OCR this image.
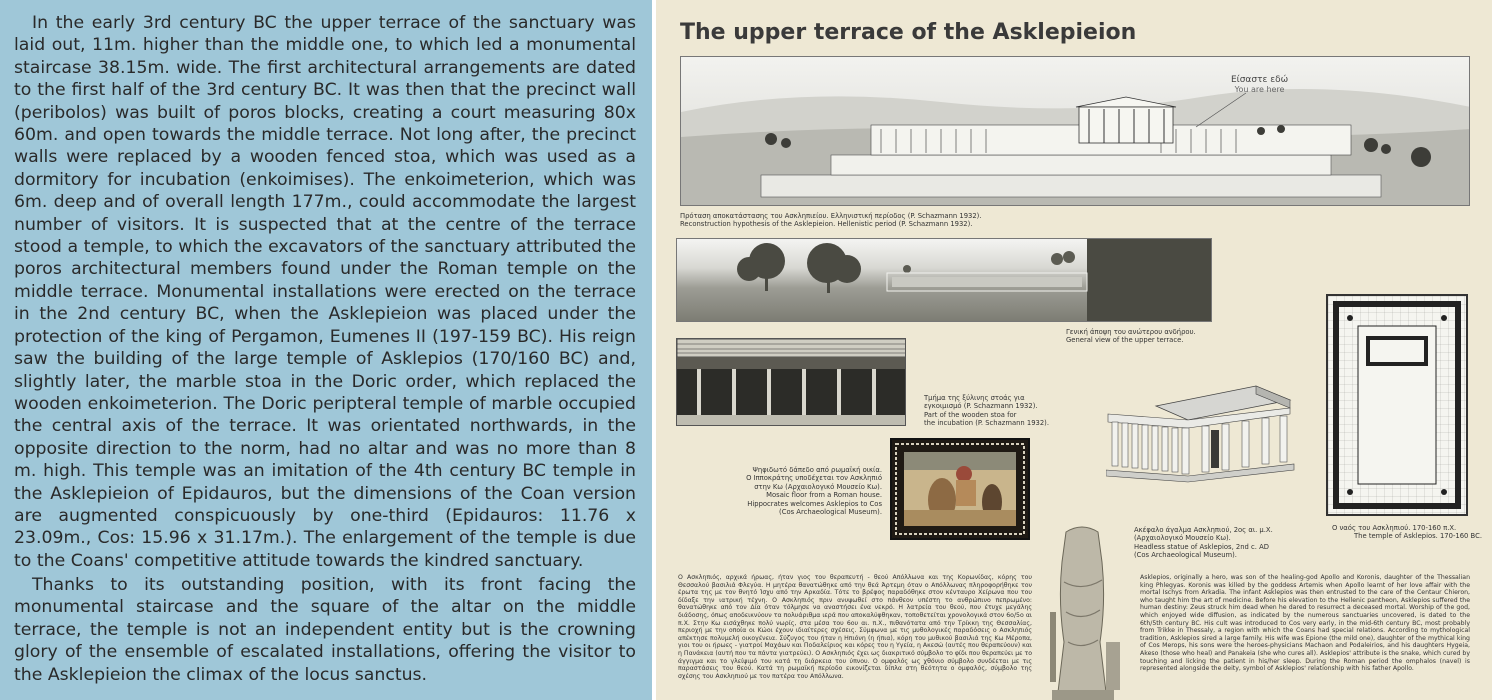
In the early 3rd century BC the upper terrace of the sanctuary was laid out, 11m. higher than the middle one, to which led a monumental staircase 38.15m. wide. The first architectural arrangements are dated to the first half of the 3rd century BC. It was then that the precinct wall (peribolos) was built of poros blocks, creating a court measuring 80x 60m. and open towards the middle terrace. Not long after, the precinct walls were replaced by a wooden fenced stoa, which was used as a dormitory for incubation (enkoimises). The enkoimeterion, which was 6m. deep and of overall length 177m., could accommodate the largest number of visitors. It is suspected that at the centre of the terrace stood a temple, to which the excavators of the sanctuary attributed the poros architectural members found under the Roman temple on the middle terrace. Monumental installations were erected on the terrace in the 2nd century BC, when the Asklepieion was placed under the protection of the king of Pergamon, Eumenes II (197-159 BC). His reign saw the building of the large temple of Asklepios (170/160 BC) and, slightly later, the marble stoa in the Doric order, which replaced the wooden enkoimeterion. The Doric peripteral temple of marble occupied the central axis of the terrace. It was orientated northwards, in the opposite direction to the norm, had no altar and was no more than 8 m. high. This temple was an imitation of the 4th century BC temple in the Asklepieion of Epidauros, but the dimensions of the Coan version are augmented conspicuously by one-third (Epidauros: 11.76 x 23.09m., Cos: 15.96 x 31.17m.). The enlargement of the temple is due to the Coans' competitive attitude towards the kindred sanctuary.

Thanks to its outstanding position, with its front facing the monumental staircase and the square of the altar on the middle terrace, the temple is not an independent entity but is the crowning glory of the ensemble of escalated installations, offering the visitor to the Asklepieion the climax of the locus sanctus.

The upper terrace of the Asklepieion
Είσαστε εδώ
You are here
Πρόταση αποκατάστασης του Ασκληπιείου. Ελληνιστική περίοδος (P. Schazmann 1932).
Reconstruction hypothesis of the Asklepieion. Hellenistic period (P. Schazmann 1932).
Γενική άποψη του ανώτερου ανδήρου.
General view of the upper terrace.
Τμήμα της ξύλινης στοάς για
εγκοιμισμό (P. Schazmann 1932).
Part of the wooden stoa for
the incubation (P. Schazmann 1932).
Ψηφιδωτό δάπεδο από ρωμαϊκή οικία.
Ο Ιπποκράτης υποδέχεται τον Ασκληπιό
στην Κω (Αρχαιολογικό Μουσείο Κω).
Mosaic floor from a Roman house.
Hippocrates welcomes Asklepios to Cos
(Cos Archaeological Museum).
Ο ναός του Ασκληπιού. 170-160 π.Χ.
The temple of Asklepios. 170-160 BC.
Ακέφαλο άγαλμα Ασκληπιού, 2ος αι. μ.Χ.
(Αρχαιολογικό Μουσείο Κω).
Headless statue of Asklepios, 2nd c. AD
(Cos Archaeological Museum).

Ο Ασκληπιός, αρχικά ήρωας, ήταν γιος του θεραπευτή - θεού Απόλλωνα και της Κορωνίδας, κόρης του Θεσσαλού βασιλιά Φλεγύα. Η μητέρα θανατώθηκε από την θεά Άρτεμη όταν ο Απόλλωνας πληροφορήθηκε τον έρωτα της με τον θνητό Ίσχυ από την Αρκαδία. Τότε το βρέφος παραδόθηκε στον κένταυρο Χείρωνα που του δίδαξε την ιατρική τέχνη. Ο Ασκληπιός πριν ανυψωθεί στο πάνθεον υπέστη το ανθρώπινο πεπρωμένο: θανατώθηκε από τον Δία όταν τόλμησε να αναστήσει ένα νεκρό. Η λατρεία του θεού, που έτυχε μεγάλης διάδοσης, όπως αποδεικνύουν τα πολυάριθμα ιερά που αποκαλύφθηκαν, τοποθετείται χρονολογικά στον 6ο/5ο αι π.Χ. Στην Κω εισάχθηκε πολύ νωρίς, στα μέσα του 6ου αι. π.Χ., πιθανότατα από την Τρίκκη της Θεσσαλίας, περιοχή με την οποία οι Κώοι έχουν ιδιαίτερες σχέσεις. Σύμφωνα με τις μυθολογικές παραδόσεις ο Ασκληπιός απέκτησε πολυμελή οικογένεια. Σύζυγος του ήταν η Ηπιόνη (η ήπια), κόρη του μυθικού βασιλιά της Κω Μέροπα, γιοι του οι ήρωες - γιατροί Μαχάων και Ποδαλείριος και κόρες του η Υγεία, η Ακεσώ (αυτές που θεραπεύουν) και η Πανάκεια (αυτή που τα πάντα γιατρεύει). Ο Ασκληπιός έχει ως διακριτικό σύμβολο το φίδι που θεραπεύει με το άγγιγμα και το γλείψιμό του κατά τη διάρκεια του ύπνου. Ο ομφαλός ως χθόνιο σύμβολο συνδέεται με τις παραστάσεις του θεού. Κατά τη ρωμαϊκή περίοδο εικονίζεται δίπλα στη θεότητα ο ομφαλός, σύμβολο της σχέσης του Ασκληπιού με τον πατέρα του Απόλλωνα.

Asklepios, originally a hero, was son of the healing-god Apollo and Koronis, daughter of the Thessalian king Phlegyas. Koronis was killed by the goddess Artemis when Apollo learnt of her love affair with the mortal Ischys from Arkadia. The infant Asklepios was then entrusted to the care of the Centaur Chieron, who taught him the art of medicine. Before his elevation to the Hellenic pantheon, Asklepios suffered the human destiny: Zeus struck him dead when he dared to resurrect a deceased mortal. Worship of the god, which enjoyed wide diffusion, as indicated by the numerous sanctuaries uncovered, is dated to the 6th/5th century BC. His cult was introduced to Cos very early, in the mid-6th century BC, most probably from Trikke in Thessaly, a region with which the Coans had special relations. According to mythological tradition, Asklepios sired a large family. His wife was Epione (the mild one), daughter of the mythical king of Cos Merops, his sons were the heroes-physicians Machaon and Podaleirios, and his daughters Hygeia, Akeso (those who heal) and Panakeia (she who cures all). Asklepios' attribute is the snake, which cured by touching and licking the patient in his/her sleep. During the Roman period the omphalos (navel) is represented alongside the deity, symbol of Asklepios' relationship with his father Apollo.
